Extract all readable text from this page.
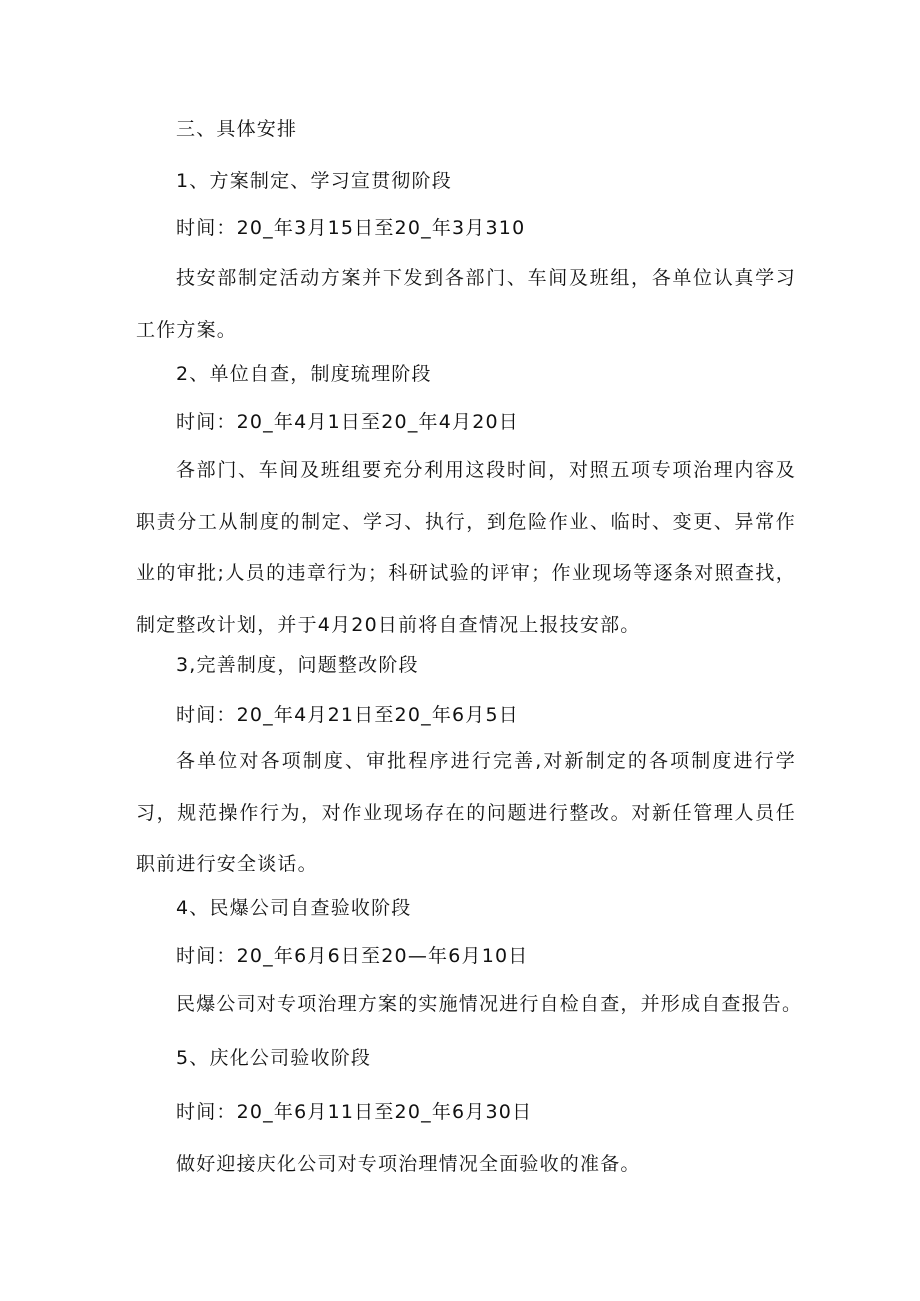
三、具体安排
1、方案制定、学习宣贯彻阶段
时间：20_年3月15日至20_年3月310
技安部制定活动方案并下发到各部门、车间及班组，各单位认真学习工作方案。
2、单位自查，制度琉理阶段
时间：20_年4月1日至20_年4月20日
各部门、车间及班组要充分利用这段时间，对照五项专项治理内容及职责分工从制度的制定、学习、执行，到危险作业、临时、变更、异常作业的审批;人员的违章行为；科研试验的评审；作业现场等逐条对照查找，制定整改计划，并于4月20日前将自查情况上报技安部。
3,完善制度，问题整改阶段
时间：20_年4月21日至20_年6月5日
各单位对各项制度、审批程序进行完善,对新制定的各项制度进行学习，规范操作行为，对作业现场存在的问题进行整改。对新任管理人员任职前进行安全谈话。
4、民爆公司自查验收阶段
时间：20_年6月6日至20—年6月10日
民爆公司对专项治理方案的实施情况进行自检自查，并形成自查报告。
5、庆化公司验收阶段
时间：20_年6月11日至20_年6月30日
做好迎接庆化公司对专项治理情况全面验收的准备。
